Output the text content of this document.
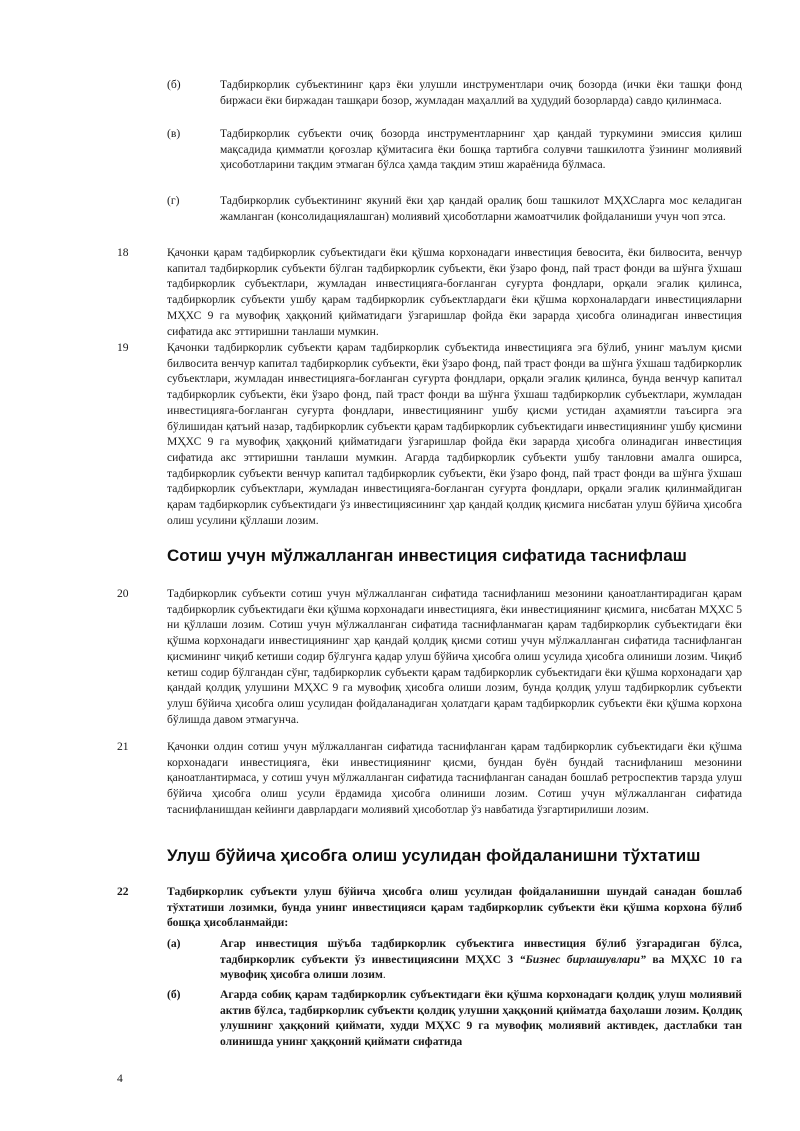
(б)	Тадбиркорлик субъектининг қарз ёки улушли инструментлари очиқ бозорда (ички ёки ташқи фонд биржаси ёки биржадан ташқари бозор, жумладан маҳаллий ва ҳудудий бозорларда) савдо қилинмаса.
(в)	Тадбиркорлик субъекти очиқ бозорда инструментларнинг ҳар қандай туркумини эмиссия қилиш мақсадида қимматли қоғозлар қўмитасига ёки бошқа тартибга солувчи ташкилотга ўзининг молиявий ҳисоботларини тақдим этмаган бўлса ҳамда тақдим этиш жараёнида бўлмаса.
(г)	Тадбиркорлик субъектининг якуний ёки ҳар қандай оралиқ бош ташкилот МҲХСларга мос келадиган жамланган (консолидациялашган) молиявий ҳисоботларни жамоатчилик фойдаланиши учун чоп этса.
18	Қачонки қарам тадбиркорлик субъектидаги ёки қўшма корхонадаги инвестиция бевосита, ёки билвосита, венчур капитал тадбиркорлик субъекти бўлган тадбиркорлик субъекти, ёки ўзаро фонд, пай траст фонди ва шўнга ўхшаш тадбиркорлик субъектлари, жумладан инвестицияга-боғланган суғурта фондлари, орқали эгалик қилинса, тадбиркорлик субъекти ушбу қарам тадбиркорлик субъектлардаги ёки қўшма корхоналардаги инвестицияларни МҲХС 9 га мувофиқ ҳаққоний қийматидаги ўзгаришлар фойда ёки зарарда ҳисобга олинадиган инвестиция сифатида акс эттиришни танлаши мумкин.
19	Қачонки тадбиркорлик субъекти қарам тадбиркорлик субъектида инвестицияга эга бўлиб, унинг маълум қисми билвосита венчур капитал тадбиркорлик субъекти, ёки ўзаро фонд, пай траст фонди ва шўнга ўхшаш тадбиркорлик субъектлари, жумладан инвестицияга-боғланган суғурта фондлари, орқали эгалик қилинса, бунда венчур капитал тадбиркорлик субъекти, ёки ўзаро фонд, пай траст фонди ва шўнга ўхшаш тадбиркорлик субъектлари, жумладан инвестицияга-боғланган суғурта фондлари, инвестициянинг ушбу қисми устидан аҳамиятли таъсирга эга бўлишидан қатъий назар, тадбиркорлик субъекти қарам тадбиркорлик субъектидаги инвестициянинг ушбу қисмини МҲХС 9 га мувофиқ ҳаққоний қийматидаги ўзгаришлар фойда ёки зарарда ҳисобга олинадиган инвестиция сифатида акс эттиришни танлаши мумкин. Агарда тадбиркорлик субъекти ушбу танловни амалга оширса, тадбиркорлик субъекти венчур капитал тадбиркорлик субъекти, ёки ўзаро фонд, пай траст фонди ва шўнга ўхшаш тадбиркорлик субъектлари, жумладан инвестицияга-боғланган суғурта фондлари, орқали эгалик қилинмайдиган қарам тадбиркорлик субъектидаги ўз инвестициясининг ҳар қандай қолдиқ қисмига нисбатан улуш бўйича ҳисобга олиш усулини қўллаши лозим.
Сотиш учун мўлжалланган инвестиция сифатида таснифлаш
20	Тадбиркорлик субъекти сотиш учун мўлжалланган сифатида таснифланиш мезонини қаноатлантирадиган қарам тадбиркорлик субъектидаги ёки қўшма корхонадаги инвестицияга, ёки инвестициянинг қисмига, нисбатан МҲХС 5 ни қўллаши лозим. Сотиш учун мўлжалланган сифатида таснифланмаган қарам тадбиркорлик субъектидаги ёки қўшма корхонадаги инвестициянинг ҳар қандай қолдиқ қисми сотиш учун мўлжалланган сифатида таснифланган қисмининг чиқиб кетиши содир бўлгунга қадар улуш бўйича ҳисобга олиш усулида ҳисобга олиниши лозим. Чиқиб кетиш содир бўлгандан сўнг, тадбиркорлик субъекти қарам тадбиркорлик субъектидаги ёки қўшма корхонадаги ҳар қандай қолдиқ улушини МҲХС 9 га мувофиқ ҳисобга олиши лозим, бунда қолдиқ улуш тадбиркорлик субъекти улуш бўйича ҳисобга олиш усулидан фойдаланадиган ҳолатдаги қарам тадбиркорлик субъекти ёки қўшма корхона бўлишда давом этмагунча.
21	Қачонки олдин сотиш учун мўлжалланган сифатида таснифланган қарам тадбиркорлик субъектидаги ёки қўшма корхонадаги инвестицияга, ёки инвестициянинг қисми, бундан буён бундай таснифланиш мезонини қаноатлантирмаса, у сотиш учун мўлжалланган сифатида таснифланган санадан бошлаб ретроспектив тарзда улуш бўйича ҳисобга олиш усули ёрдамида ҳисобга олиниши лозим. Сотиш учун мўлжалланган сифатида таснифланишдан кейинги даврлардаги молиявий ҳисоботлар ўз навбатида ўзгартирилиши лозим.
Улуш бўйича ҳисобга олиш усулидан фойдаланишни тўхтатиш
22	Тадбиркорлик субъекти улуш бўйича ҳисобга олиш усулидан фойдаланишни шундай санадан бошлаб тўхтатиши лозимки, бунда унинг инвестицияси қарам тадбиркорлик субъекти ёки қўшма корхона бўлиб бошқа ҳисобланмайди:
(а)	Агар инвестиция шўъба тадбиркорлик субъектига инвестиция бўлиб ўзгарадиган бўлса, тадбиркорлик субъекти ўз инвестициясини МҲХС 3 “Бизнес бирлашувлари” ва МҲХС 10 га мувофиқ ҳисобга олиши лозим.
(б)	Агарда собиқ қарам тадбиркорлик субъектидаги ёки қўшма корхонадаги қолдиқ улуш молиявий актив бўлса, тадбиркорлик субъекти қолдиқ улушни ҳаққоний қийматда баҳолаши лозим. Қолдиқ улушнинг ҳаққоний қиймати, худди МҲХС 9 га мувофиқ молиявий активдек, дастлабки тан олинишда унинг ҳаққоний қиймати сифатида
4
